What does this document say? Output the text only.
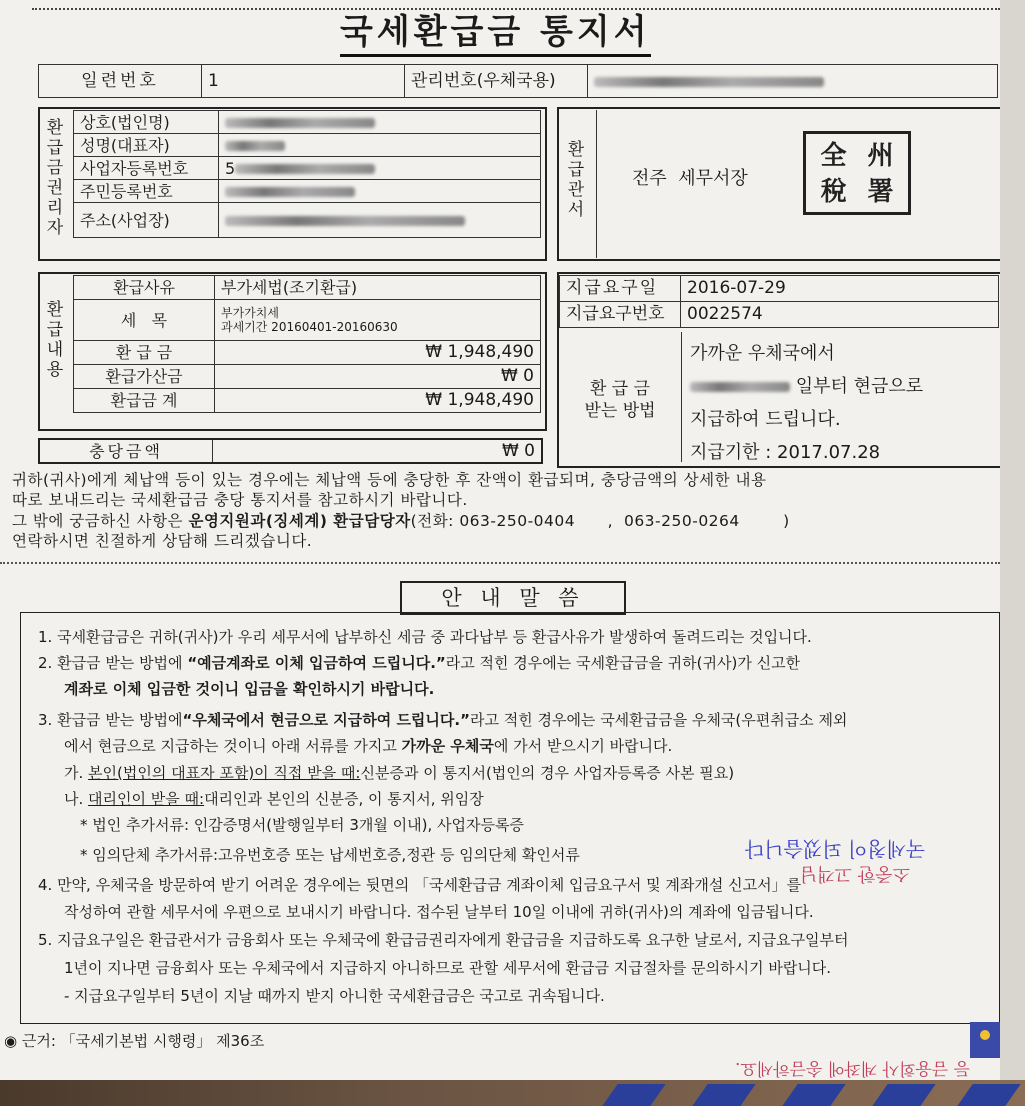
국세환급금 통지서
일련번호	1	관리번호(우체국용)	
환급금권리자
상호(법인명)	
성명(대표자)	
사업자등록번호	5
주민등록번호	
주소(사업장)	
환급관서
전주  세무서장
全 州
稅 署
환급내용
환급사유	부가세법(조기환급)
세   목	부가가치세
과세기간 20160401-20160630

환 급 금	₩ 1,948,490
환급가산금	₩ 0
환급금 계	₩ 1,948,490
충당금액	₩ 0
지급요구일	2016-07-29
지급요구번호	0022574
환 급 금
받는 방법
가까운 우체국에서
일부터 현금으로
지급하여 드립니다.
지급기한 : 2017.07.28
귀하(귀사)에게 체납액 등이 있는 경우에는 체납액 등에 충당한 후 잔액이 환급되며, 충당금액의 상세한 내용
따로 보내드리는 국세환급금 충당 통지서를 참고하시기 바랍니다.
그 밖에 궁금하신 사항은 운영지원과(징세계) 환급담당자(전화: 063-250-0404      ,  063-250-0264        )
연락하시면 친절하게 상담해 드리겠습니다.
안 내 말 씀
1. 국세환급금은 귀하(귀사)가 우리 세무서에 납부하신 세금 중 과다납부 등 환급사유가 발생하여 돌려드리는 것입니다.
2. 환급금 받는 방법에 “예금계좌로 이체 입금하여 드립니다.”라고 적힌 경우에는 국세환급금을 귀하(귀사)가 신고한
계좌로 이체 입금한 것이니 입금을 확인하시기 바랍니다.
3. 환급금 받는 방법에“우체국에서 현금으로 지급하여 드립니다.”라고 적힌 경우에는 국세환급금을 우체국(우편취급소 제외
에서 현금으로 지급하는 것이니 아래 서류를 가지고 가까운 우체국에 가서 받으시기 바랍니다.
가. 본인(법인의 대표자 포함)이 직접 받을 때:신분증과 이 통지서(법인의 경우 사업자등록증 사본 필요)
나. 대리인이 받을 때:대리인과 본인의 신분증, 이 통지서, 위임장
* 법인 추가서류: 인감증명서(발행일부터 3개월 이내), 사업자등록증
* 임의단체 추가서류:고유번호증 또는 납세번호증,정관 등 임의단체 확인서류
4. 만약, 우체국을 방문하여 받기 어려운 경우에는 뒷면의 「국세환급금 계좌이체 입금요구서 및 계좌개설 신고서」를
작성하여 관할 세무서에 우편으로 보내시기 바랍니다. 접수된 날부터 10일 이내에 귀하(귀사)의 계좌에 입금됩니다.
5. 지급요구일은 환급관서가 금융회사 또는 우체국에 환급금권리자에게 환급금을 지급하도록 요구한 날로서, 지급요구일부터
1년이 지나면 금융회사 또는 우체국에서 지급하지 아니하므로 관할 세무서에 환급금 지급절차를 문의하시기 바랍니다.
- 지급요구일부터 5년이 지날 때까지 받지 아니한 국세환급금은 국고로 귀속됩니다.
◉ 근거: 「국세기본법 시행령」 제36조
국세청이 되겠습니다
소중한 고객님
등 금융회사 계좌에 송금하세요.
